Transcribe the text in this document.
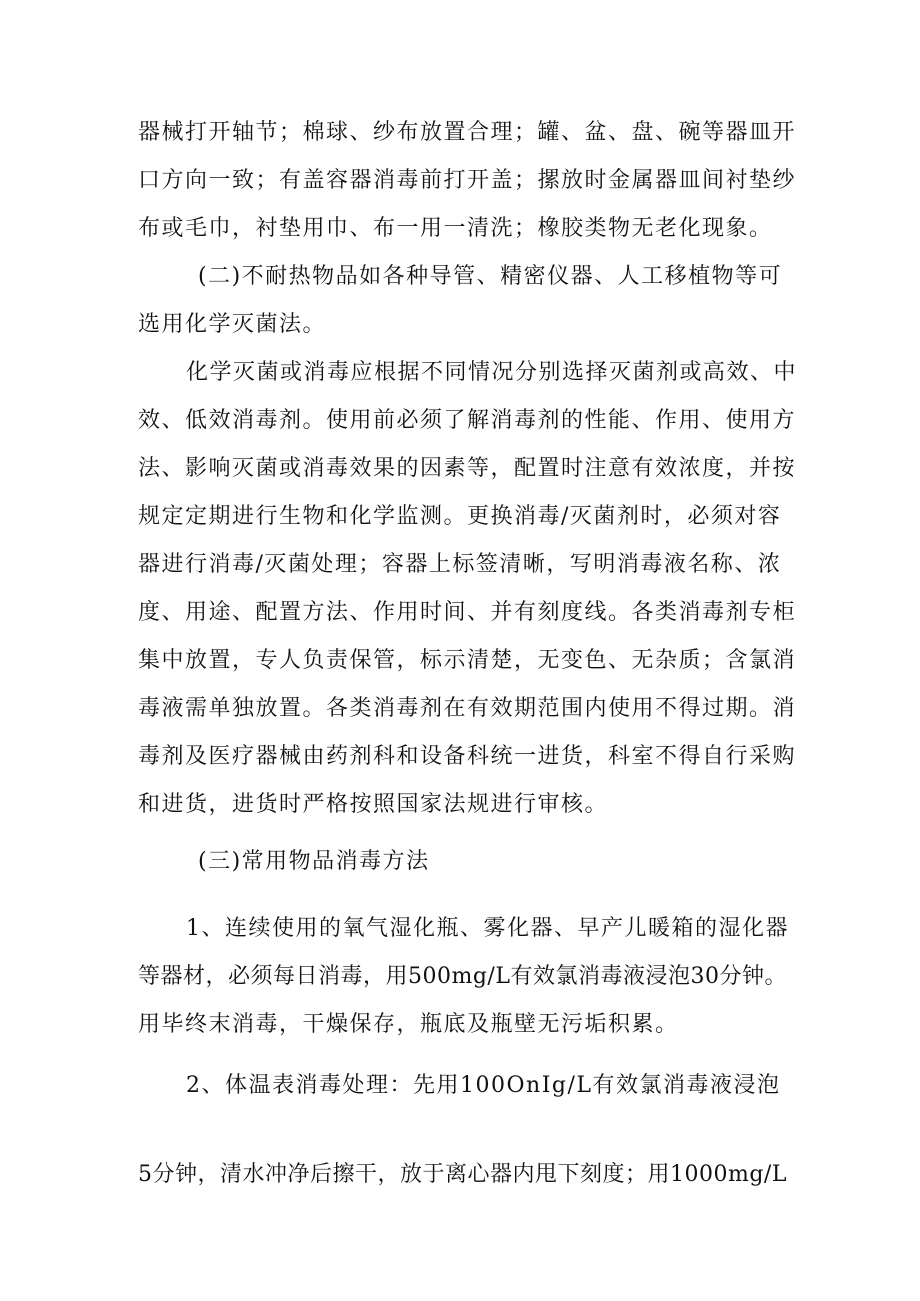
器械打开轴节；棉球、纱布放置合理；罐、盆、盘、碗等器皿开
口方向一致；有盖容器消毒前打开盖；摞放时金属器皿间衬垫纱
布或毛巾，衬垫用巾、布一用一清洗；橡胶类物无老化现象。
(二)不耐热物品如各种导管、精密仪器、人工移植物等可
选用化学灭菌法。
化学灭菌或消毒应根据不同情况分别选择灭菌剂或高效、中
效、低效消毒剂。使用前必须了解消毒剂的性能、作用、使用方
法、影响灭菌或消毒效果的因素等，配置时注意有效浓度，并按
规定定期进行生物和化学监测。更换消毒/灭菌剂时，必须对容
器进行消毒/灭菌处理；容器上标签清晰，写明消毒液名称、浓
度、用途、配置方法、作用时间、并有刻度线。各类消毒剂专柜
集中放置，专人负责保管，标示清楚，无变色、无杂质；含氯消
毒液需单独放置。各类消毒剂在有效期范围内使用不得过期。消
毒剂及医疗器械由药剂科和设备科统一进货，科室不得自行采购
和进货，进货时严格按照国家法规进行审核。
(三)常用物品消毒方法
1、连续使用的氧气湿化瓶、雾化器、早产儿暖箱的湿化器
等器材，必须每日消毒，用500mg/L有效氯消毒液浸泡30分钟。
用毕终末消毒，干燥保存，瓶底及瓶壁无污垢积累。
2、体温表消毒处理：先用100OnIg/L有效氯消毒液浸泡
5分钟，清水冲净后擦干，放于离心器内甩下刻度；用1000mg/L
